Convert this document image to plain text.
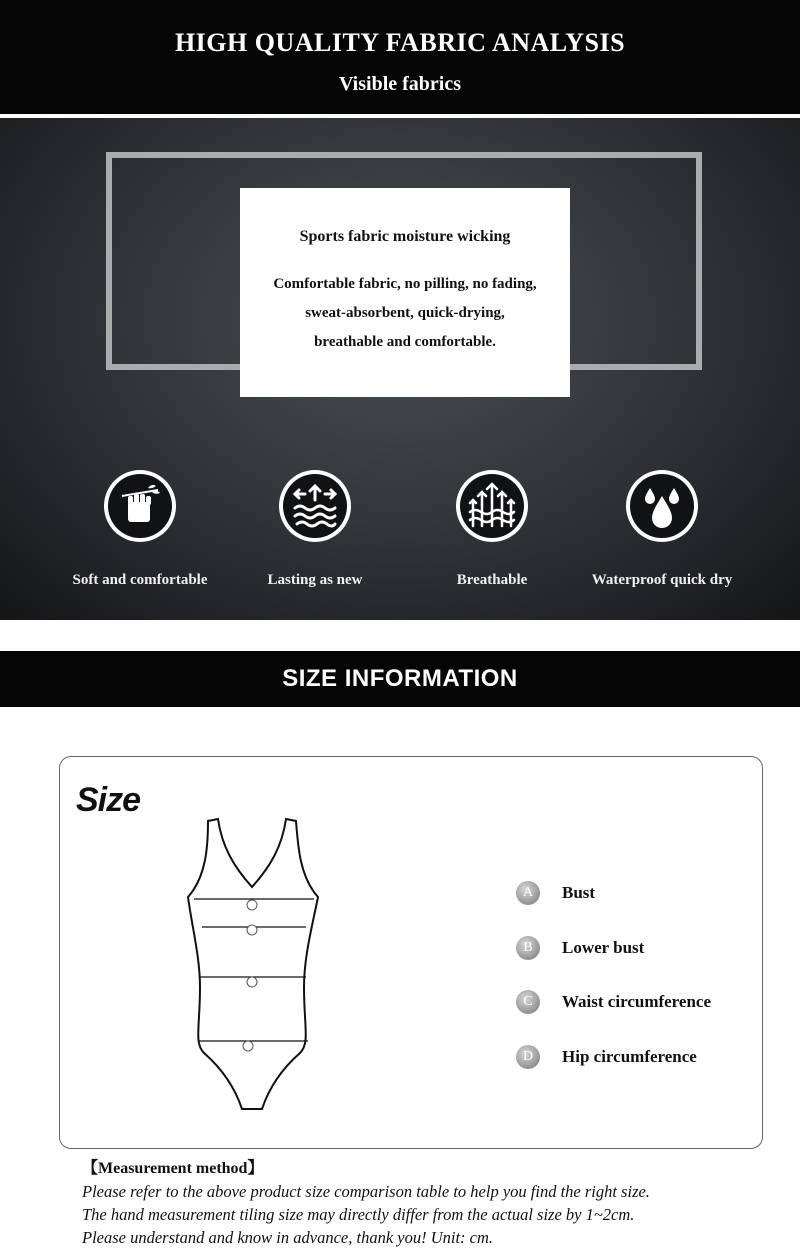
HIGH QUALITY FABRIC ANALYSIS
Visible fabrics
Sports fabric moisture wicking
Comfortable fabric, no pilling, no fading,
sweat-absorbent, quick-drying,
breathable and comfortable.
Soft and comfortable	Lasting as new	Breathable	Waterproof quick dry
SIZE INFORMATION
Size
A	Bust
B	Lower bust
C	Waist circumference
D	Hip circumference
【Measurement method】
Please refer to the above product size comparison table to help you find the right size.
The hand measurement tiling size may directly differ from the actual size by 1~2cm.
Please understand and know in advance, thank you! Unit: cm.
